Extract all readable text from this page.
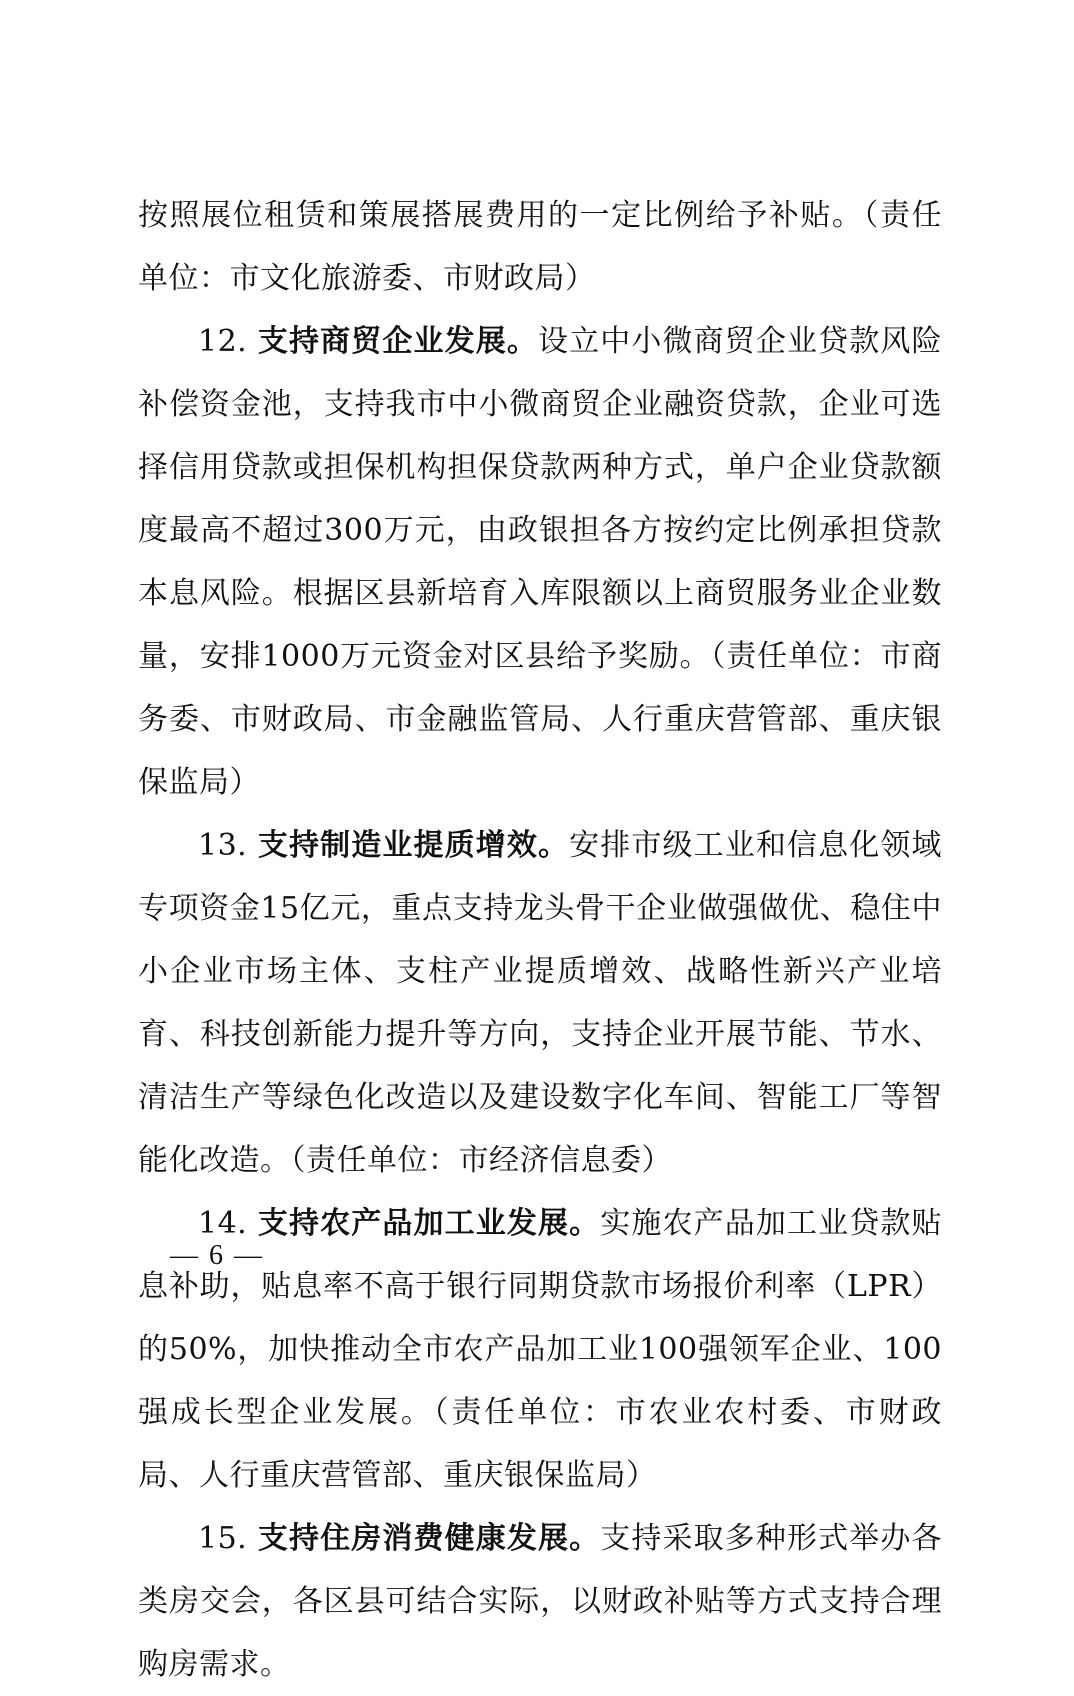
按照展位租赁和策展搭展费用的一定比例给予补贴。（责任单位：市文化旅游委、市财政局）

12. 支持商贸企业发展。设立中小微商贸企业贷款风险补偿资金池，支持我市中小微商贸企业融资贷款，企业可选择信用贷款或担保机构担保贷款两种方式，单户企业贷款额度最高不超过300万元，由政银担各方按约定比例承担贷款本息风险。根据区县新培育入库限额以上商贸服务业企业数量，安排1000万元资金对区县给予奖励。（责任单位：市商务委、市财政局、市金融监管局、人行重庆营管部、重庆银保监局）

13. 支持制造业提质增效。安排市级工业和信息化领域专项资金15亿元，重点支持龙头骨干企业做强做优、稳住中小企业市场主体、支柱产业提质增效、战略性新兴产业培育、科技创新能力提升等方向，支持企业开展节能、节水、清洁生产等绿色化改造以及建设数字化车间、智能工厂等智能化改造。（责任单位：市经济信息委）

14. 支持农产品加工业发展。实施农产品加工业贷款贴息补助，贴息率不高于银行同期贷款市场报价利率（LPR）的50%，加快推动全市农产品加工业100强领军企业、100强成长型企业发展。（责任单位：市农业农村委、市财政局、人行重庆营管部、重庆银保监局）

15. 支持住房消费健康发展。支持采取多种形式举办各类房交会，各区县可结合实际，以财政补贴等方式支持合理购房需求。

— 6 —
